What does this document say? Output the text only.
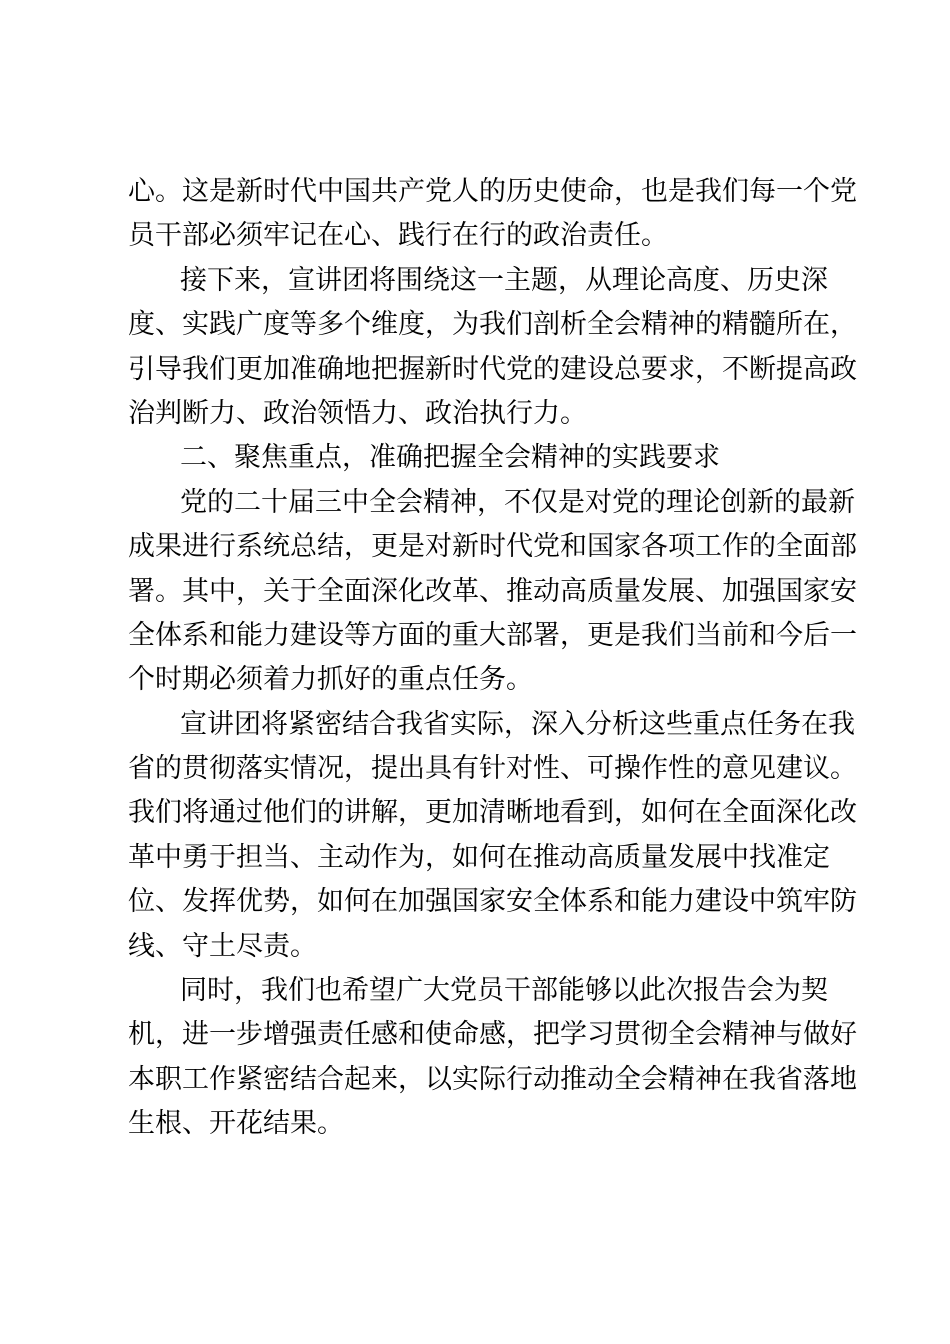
心。这是新时代中国共产党人的历史使命，也是我们每一个党
员干部必须牢记在心、践行在行的政治责任。
接下来，宣讲团将围绕这一主题，从理论高度、历史深
度、实践广度等多个维度，为我们剖析全会精神的精髓所在，
引导我们更加准确地把握新时代党的建设总要求，不断提高政
治判断力、政治领悟力、政治执行力。
二、聚焦重点，准确把握全会精神的实践要求
党的二十届三中全会精神，不仅是对党的理论创新的最新
成果进行系统总结，更是对新时代党和国家各项工作的全面部
署。其中，关于全面深化改革、推动高质量发展、加强国家安
全体系和能力建设等方面的重大部署，更是我们当前和今后一
个时期必须着力抓好的重点任务。
宣讲团将紧密结合我省实际，深入分析这些重点任务在我
省的贯彻落实情况，提出具有针对性、可操作性的意见建议。
我们将通过他们的讲解，更加清晰地看到，如何在全面深化改
革中勇于担当、主动作为，如何在推动高质量发展中找准定
位、发挥优势，如何在加强国家安全体系和能力建设中筑牢防
线、守土尽责。
同时，我们也希望广大党员干部能够以此次报告会为契
机，进一步增强责任感和使命感，把学习贯彻全会精神与做好
本职工作紧密结合起来，以实际行动推动全会精神在我省落地
生根、开花结果。
